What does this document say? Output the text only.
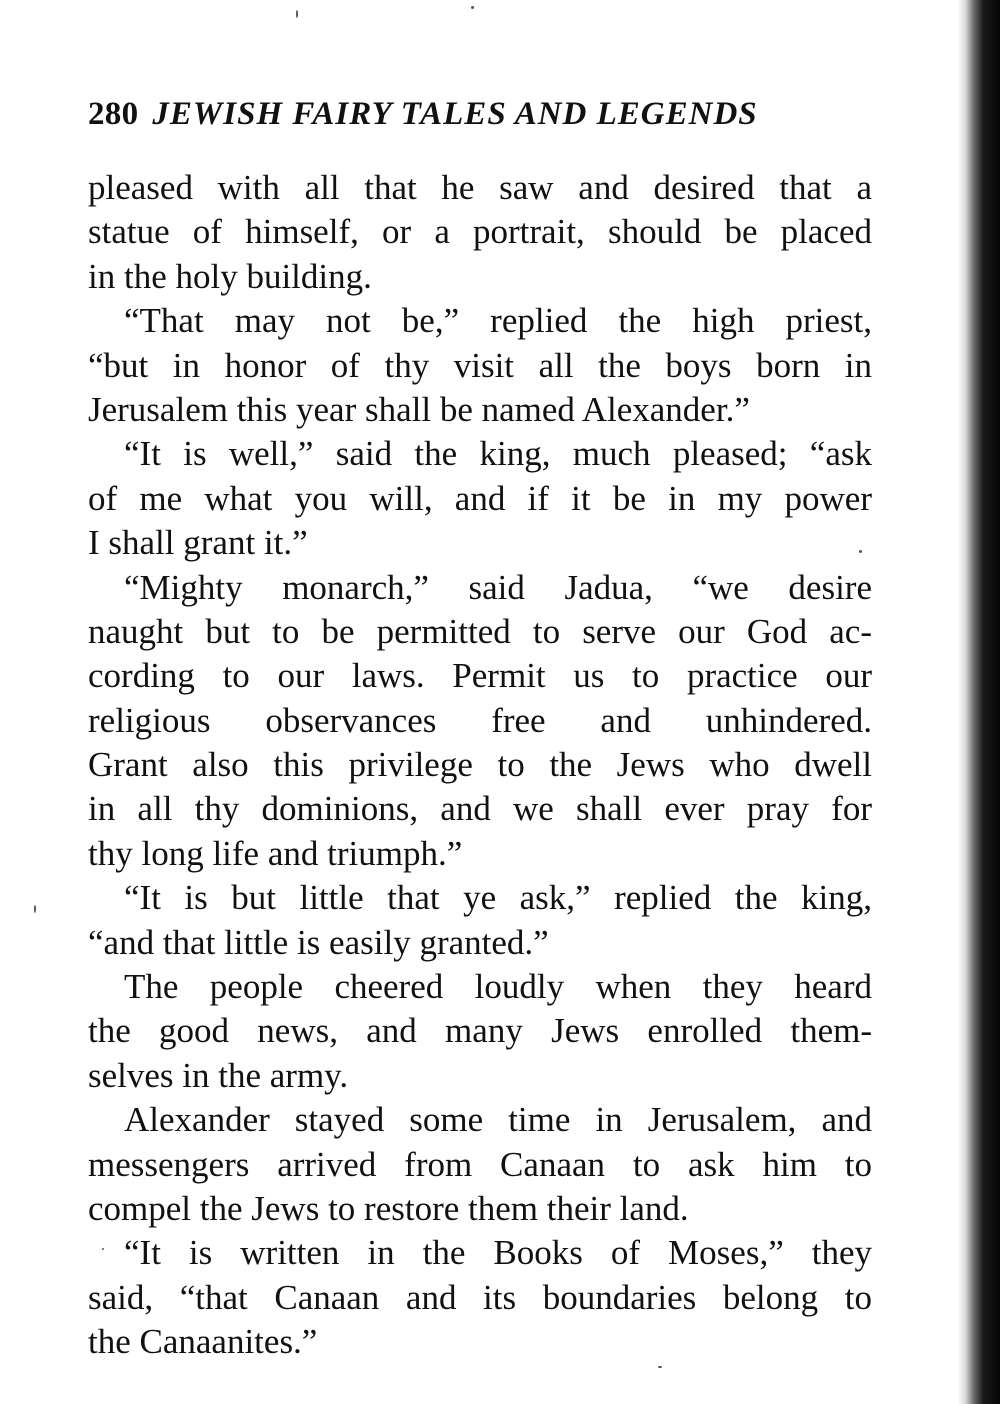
280 JEWISH FAIRY TALES AND LEGENDS
pleased with all that he saw and desired that a
statue of himself, or a portrait, should be placed
in the holy building.
“That may not be,” replied the high priest,
“but in honor of thy visit all the boys born in
Jerusalem this year shall be named Alexander.”
“It is well,” said the king, much pleased; “ask
of me what you will, and if it be in my power
I shall grant it.”
“Mighty monarch,” said Jadua, “we desire
naught but to be permitted to serve our God ac-
cording to our laws. Permit us to practice our
religious observances free and unhindered.
Grant also this privilege to the Jews who dwell
in all thy dominions, and we shall ever pray for
thy long life and triumph.”
“It is but little that ye ask,” replied the king,
“and that little is easily granted.”
The people cheered loudly when they heard
the good news, and many Jews enrolled them-
selves in the army.
Alexander stayed some time in Jerusalem, and
messengers arrived from Canaan to ask him to
compel the Jews to restore them their land.
“It is written in the Books of Moses,” they
said, “that Canaan and its boundaries belong to
the Canaanites.”
